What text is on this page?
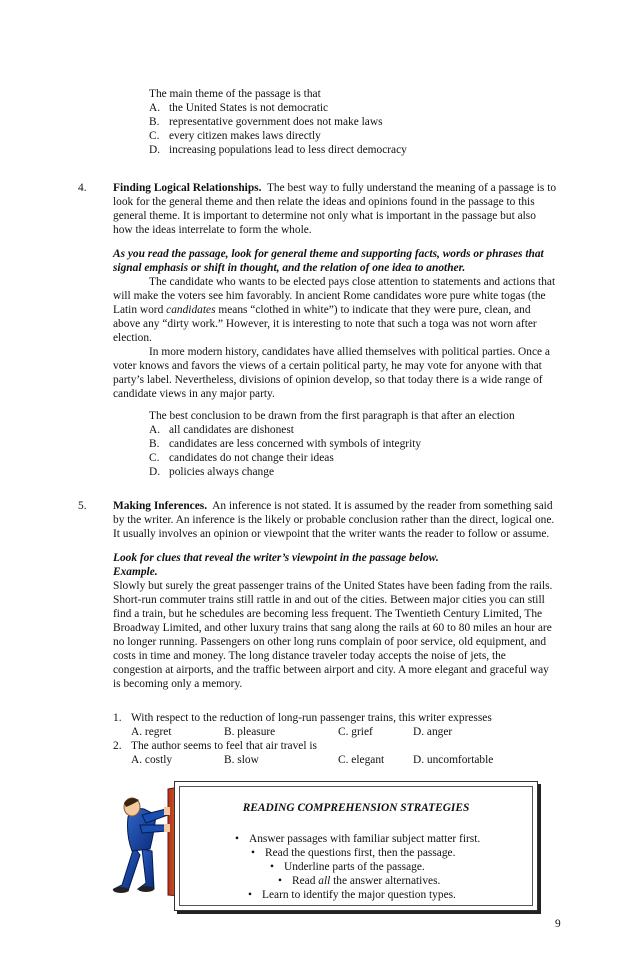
The main theme of the passage is that
A. the United States is not democratic
B. representative government does not make laws
C. every citizen makes laws directly
D. increasing populations lead to less direct democracy
4. Finding Logical Relationships. The best way to fully understand the meaning of a passage is to
look for the general theme and then relate the ideas and opinions found in the passage to this
general theme. It is important to determine not only what is important in the passage but also
how the ideas interrelate to form the whole.
As you read the passage, look for general theme and supporting facts, words or phrases that
signal emphasis or shift in thought, and the relation of one idea to another.
The candidate who wants to be elected pays close attention to statements and actions that
will make the voters see him favorably. In ancient Rome candidates wore pure white togas (the
Latin word candidates means “clothed in white”) to indicate that they were pure, clean, and
above any “dirty work.” However, it is interesting to note that such a toga was not worn after
election.
In more modern history, candidates have allied themselves with political parties. Once a
voter knows and favors the views of a certain political party, he may vote for anyone with that
party’s label. Nevertheless, divisions of opinion develop, so that today there is a wide range of
candidate views in any major party.
The best conclusion to be drawn from the first paragraph is that after an election
A. all candidates are dishonest
B. candidates are less concerned with symbols of integrity
C. candidates do not change their ideas
D. policies always change
5. Making Inferences. An inference is not stated. It is assumed by the reader from something said
by the writer. An inference is the likely or probable conclusion rather than the direct, logical one.
It usually involves an opinion or viewpoint that the writer wants the reader to follow or assume.
Look for clues that reveal the writer’s viewpoint in the passage below.
Example.
Slowly but surely the great passenger trains of the United States have been fading from the rails.
Short-run commuter trains still rattle in and out of the cities. Between major cities you can still
find a train, but he schedules are becoming less frequent. The Twentieth Century Limited, The
Broadway Limited, and other luxury trains that sang along the rails at 60 to 80 miles an hour are
no longer running. Passengers on other long runs complain of poor service, old equipment, and
costs in time and money. The long distance traveler today accepts the noise of jets, the
congestion at airports, and the traffic between airport and city. A more elegant and graceful way
is becoming only a memory.
1. With respect to the reduction of long-run passenger trains, this writer expresses
A. regret	B. pleasure	C. grief	D. anger
2. The author seems to feel that air travel is
A. costly	B. slow	C. elegant	D. uncomfortable
READING COMPREHENSION STRATEGIES
• Answer passages with familiar subject matter first.
• Read the questions first, then the passage.
• Underline parts of the passage.
• Read all the answer alternatives.
• Learn to identify the major question types.
9
